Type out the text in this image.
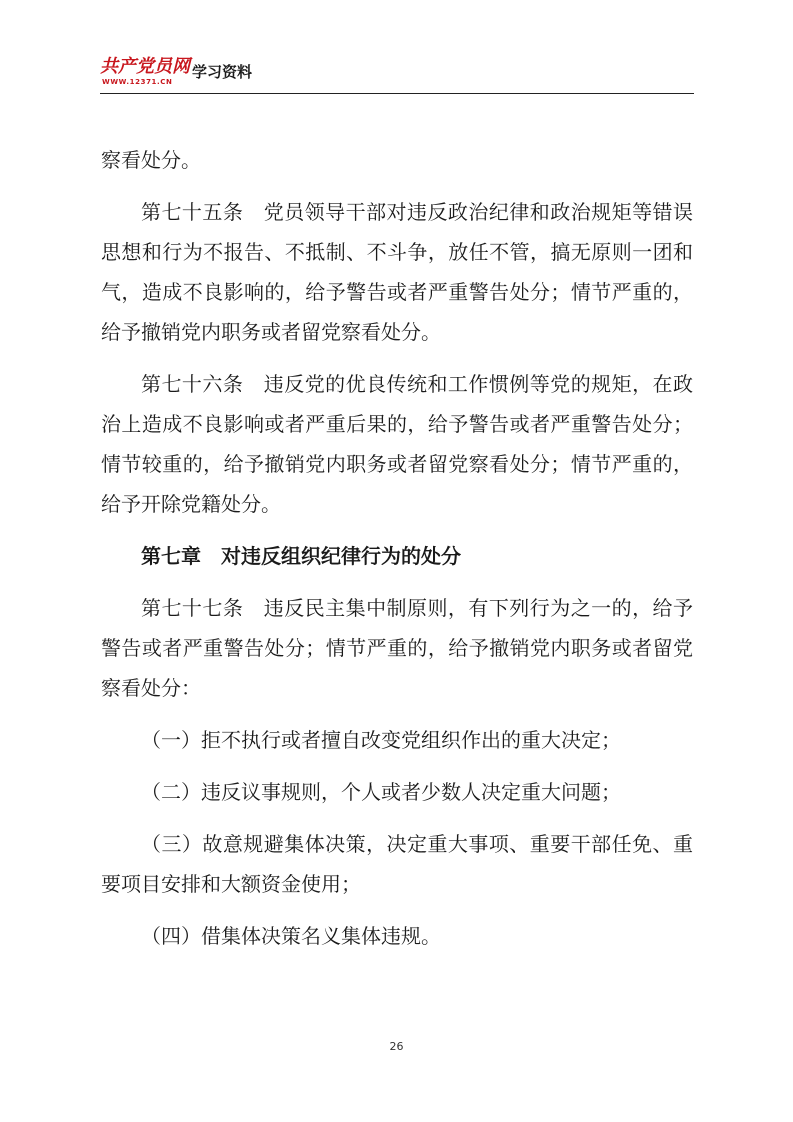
共产党员网
WWW.12371.CN
学习资料

察看处分。

第七十五条　党员领导干部对违反政治纪律和政治规矩等错误思想和行为不报告、不抵制、不斗争，放任不管，搞无原则一团和气，造成不良影响的，给予警告或者严重警告处分；情节严重的，给予撤销党内职务或者留党察看处分。

第七十六条　违反党的优良传统和工作惯例等党的规矩，在政治上造成不良影响或者严重后果的，给予警告或者严重警告处分；情节较重的，给予撤销党内职务或者留党察看处分；情节严重的，给予开除党籍处分。

第七章　对违反组织纪律行为的处分

第七十七条　违反民主集中制原则，有下列行为之一的，给予警告或者严重警告处分；情节严重的，给予撤销党内职务或者留党察看处分：

（一）拒不执行或者擅自改变党组织作出的重大决定；

（二）违反议事规则，个人或者少数人决定重大问题；

（三）故意规避集体决策，决定重大事项、重要干部任免、重要项目安排和大额资金使用；

（四）借集体决策名义集体违规。

26
